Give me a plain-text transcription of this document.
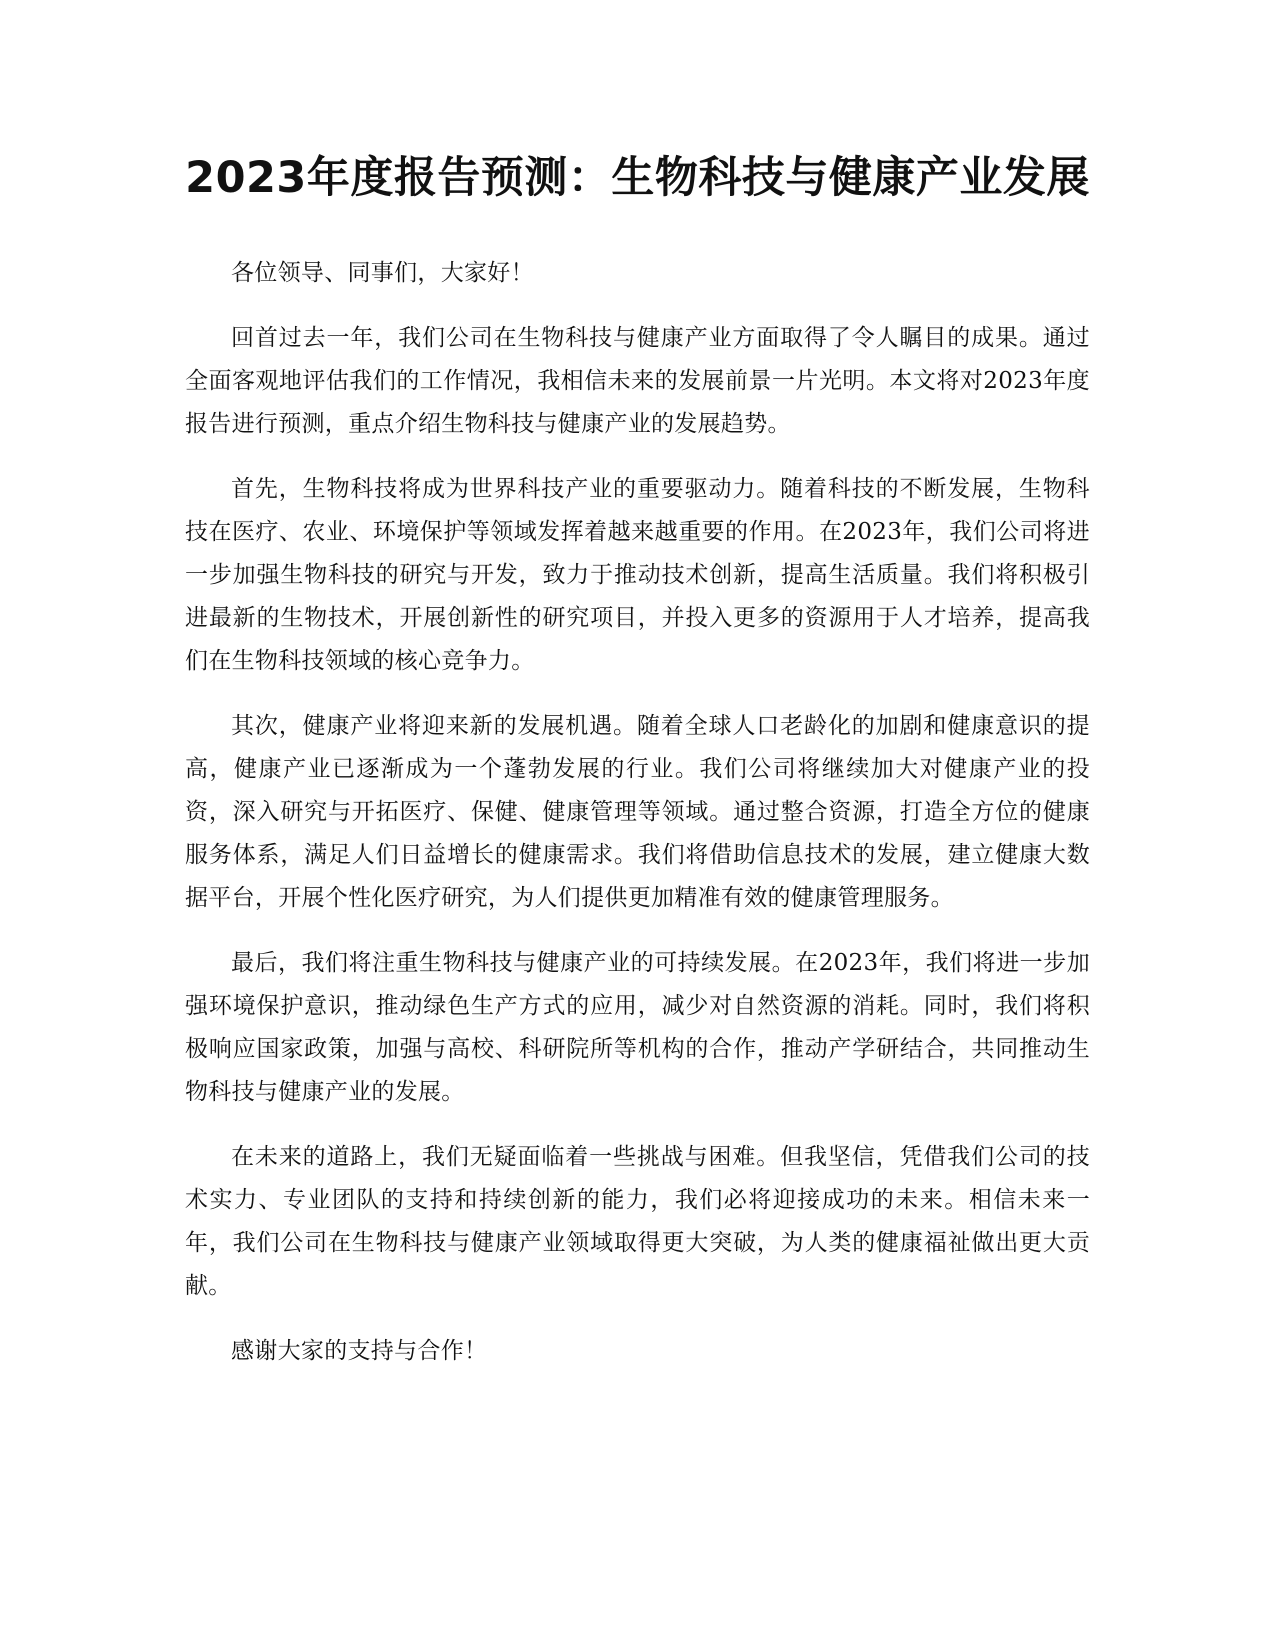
2023年度报告预测：生物科技与健康产业发展

各位领导、同事们，大家好！

回首过去一年，我们公司在生物科技与健康产业方面取得了令人瞩目的成果。通过全面客观地评估我们的工作情况，我相信未来的发展前景一片光明。本文将对2023年度报告进行预测，重点介绍生物科技与健康产业的发展趋势。

首先，生物科技将成为世界科技产业的重要驱动力。随着科技的不断发展，生物科技在医疗、农业、环境保护等领域发挥着越来越重要的作用。在2023年，我们公司将进一步加强生物科技的研究与开发，致力于推动技术创新，提高生活质量。我们将积极引进最新的生物技术，开展创新性的研究项目，并投入更多的资源用于人才培养，提高我们在生物科技领域的核心竞争力。

其次，健康产业将迎来新的发展机遇。随着全球人口老龄化的加剧和健康意识的提高，健康产业已逐渐成为一个蓬勃发展的行业。我们公司将继续加大对健康产业的投资，深入研究与开拓医疗、保健、健康管理等领域。通过整合资源，打造全方位的健康服务体系，满足人们日益增长的健康需求。我们将借助信息技术的发展，建立健康大数据平台，开展个性化医疗研究，为人们提供更加精准有效的健康管理服务。

最后，我们将注重生物科技与健康产业的可持续发展。在2023年，我们将进一步加强环境保护意识，推动绿色生产方式的应用，减少对自然资源的消耗。同时，我们将积极响应国家政策，加强与高校、科研院所等机构的合作，推动产学研结合，共同推动生物科技与健康产业的发展。

在未来的道路上，我们无疑面临着一些挑战与困难。但我坚信，凭借我们公司的技术实力、专业团队的支持和持续创新的能力，我们必将迎接成功的未来。相信未来一年，我们公司在生物科技与健康产业领域取得更大突破，为人类的健康福祉做出更大贡献。

感谢大家的支持与合作！
